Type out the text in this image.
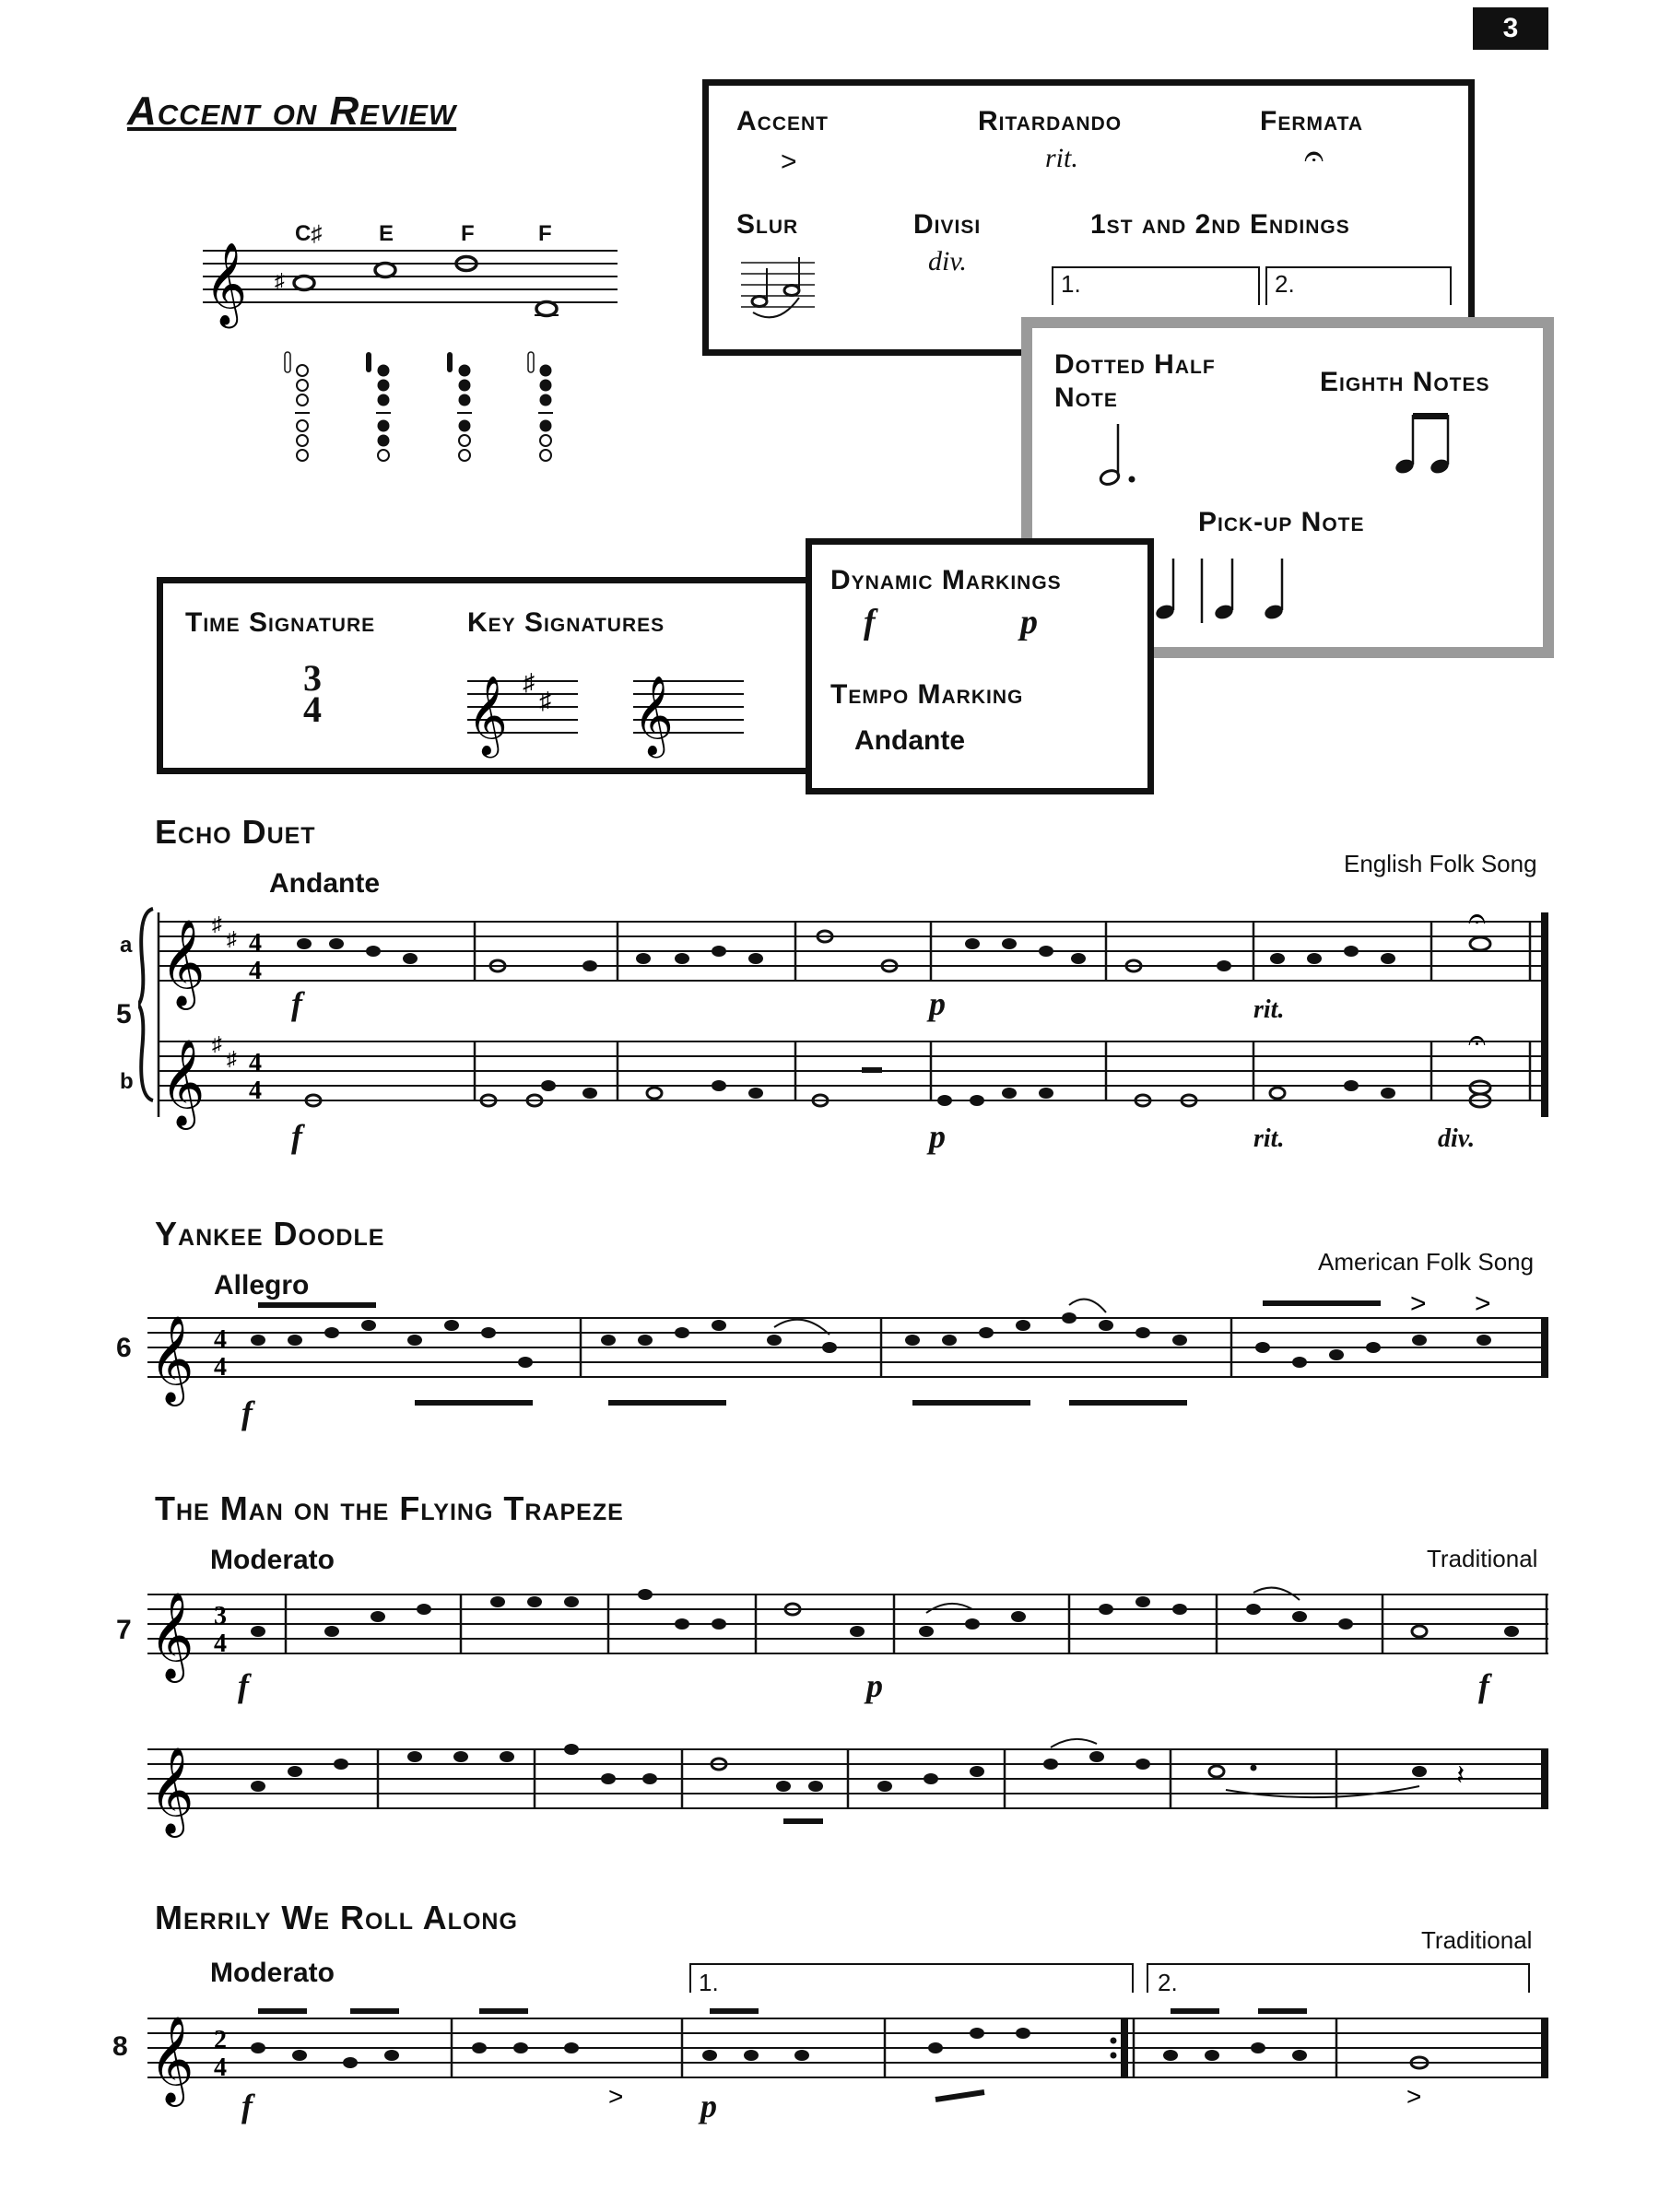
3
Accent on Review
𝄞 ♯
C♯	E	F	F
Accent
>
Ritardando
rit.
Fermata
𝄐
Slur	Divisi
div.
1st and 2nd Endings
1.	2.
Dotted Half Note
Eighth Notes
Pick-up Note
Time Signature
3
4
Key Signatures
𝄞 ♯
♯ 𝄞
Dynamic Markings
f	p
Tempo Marking
Andante
Echo Duet
Andante
English Folk Song
a
5
b
𝄞
𝄞
♯
♯
♯
♯
4
4
4
4
𝄐
𝄐
f	p	rit.
f	p	rit.	div.
Yankee Doodle
Allegro
American Folk Song
6 𝄞 4
4
> >
f
The Man on the Flying Trapeze
Moderato	Traditional
7 𝄞 3
4
f	p	f
𝄞	𝄽
Merrily We Roll Along
Moderato
Traditional
8
1.	2.
𝄞 2
4
>	>
f	p
